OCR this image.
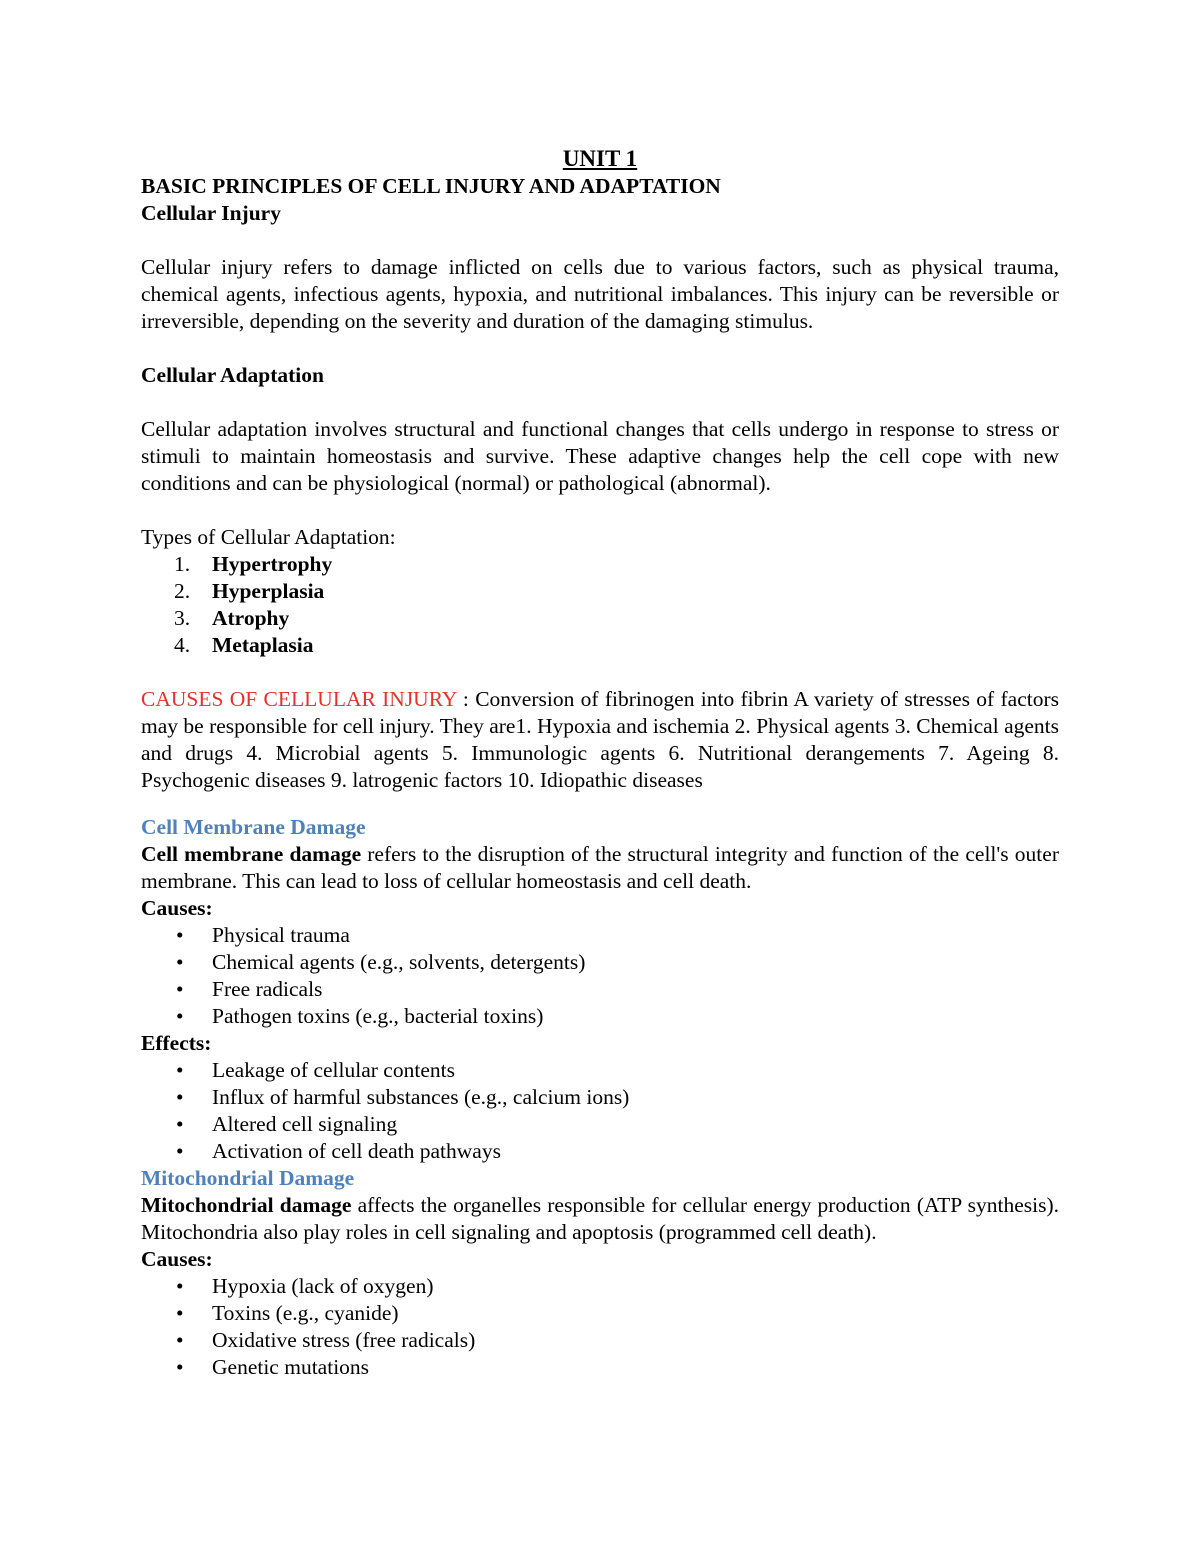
UNIT 1

BASIC PRINCIPLES OF CELL INJURY AND ADAPTATION

Cellular Injury

Cellular injury refers to damage inflicted on cells due to various factors, such as physical trauma, chemical agents, infectious agents, hypoxia, and nutritional imbalances. This injury can be reversible or irreversible, depending on the severity and duration of the damaging stimulus.

Cellular Adaptation

Cellular adaptation involves structural and functional changes that cells undergo in response to stress or stimuli to maintain homeostasis and survive. These adaptive changes help the cell cope with new conditions and can be physiological (normal) or pathological (abnormal).

Types of Cellular Adaptation:

1. Hypertrophy
2. Hyperplasia
3. Atrophy
4. Metaplasia

CAUSES OF CELLULAR INJURY : Conversion of fibrinogen into fibrin A variety of stresses of factors may be responsible for cell injury. They are1. Hypoxia and ischemia 2. Physical agents 3. Chemical agents and drugs 4. Microbial agents 5. Immunologic agents 6. Nutritional derangements 7. Ageing 8. Psychogenic diseases 9. latrogenic factors 10. Idiopathic diseases

Cell Membrane Damage

Cell membrane damage refers to the disruption of the structural integrity and function of the cell's outer membrane. This can lead to loss of cellular homeostasis and cell death.

Causes:

• Physical trauma
• Chemical agents (e.g., solvents, detergents)
• Free radicals
• Pathogen toxins (e.g., bacterial toxins)

Effects:

• Leakage of cellular contents
• Influx of harmful substances (e.g., calcium ions)
• Altered cell signaling
• Activation of cell death pathways

Mitochondrial Damage

Mitochondrial damage affects the organelles responsible for cellular energy production (ATP synthesis). Mitochondria also play roles in cell signaling and apoptosis (programmed cell death).

Causes:

• Hypoxia (lack of oxygen)
• Toxins (e.g., cyanide)
• Oxidative stress (free radicals)
• Genetic mutations
